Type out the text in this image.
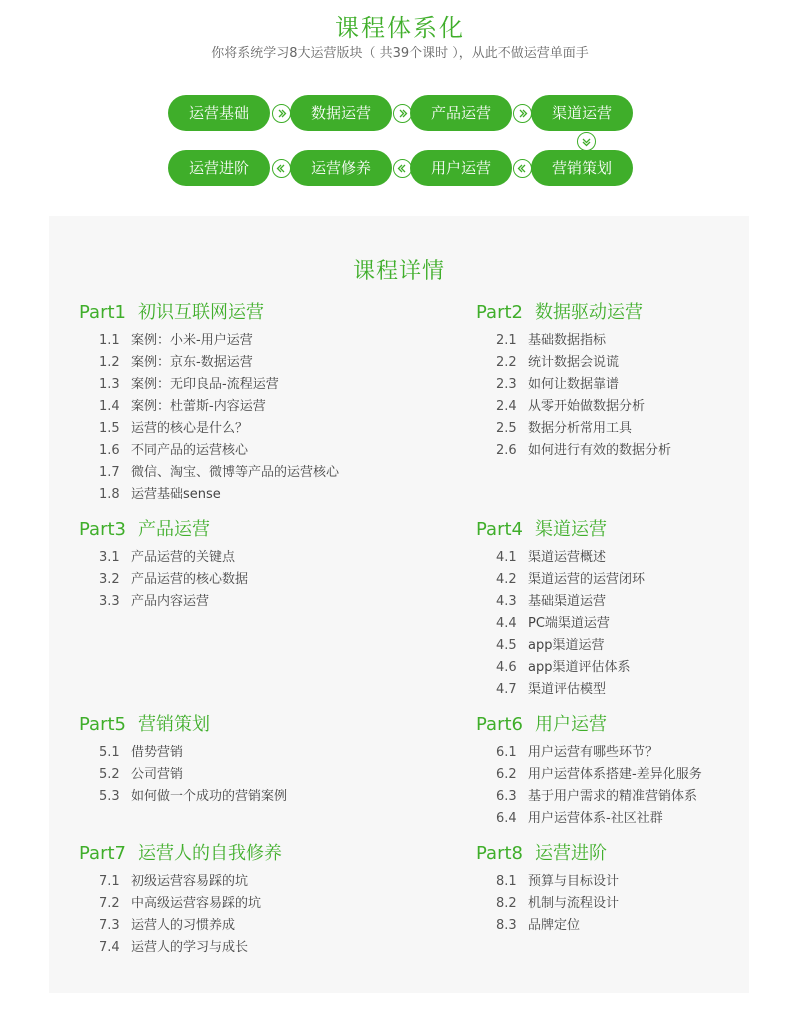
课程体系化
你将系统学习8大运营版块（ 共39个课时 ），从此不做运营单面手
运营基础	数据运营	产品运营	渠道运营
运营进阶	运营修养	用户运营	营销策划
课程详情
Part1 初识互联网运营
1.1 案例：小米-用户运营
1.2 案例：京东-数据运营
1.3 案例：无印良品-流程运营
1.4 案例：杜蕾斯-内容运营
1.5 运营的核心是什么？
1.6 不同产品的运营核心
1.7 微信、淘宝、微博等产品的运营核心
1.8 运营基础sense
Part2 数据驱动运营
2.1 基础数据指标
2.2 统计数据会说谎
2.3 如何让数据靠谱
2.4 从零开始做数据分析
2.5 数据分析常用工具
2.6 如何进行有效的数据分析
Part3 产品运营
3.1 产品运营的关键点
3.2 产品运营的核心数据
3.3 产品内容运营
Part4 渠道运营
4.1 渠道运营概述
4.2 渠道运营的运营闭环
4.3 基础渠道运营
4.4 PC端渠道运营
4.5 app渠道运营
4.6 app渠道评估体系
4.7 渠道评估模型
Part5 营销策划
5.1 借势营销
5.2 公司营销
5.3 如何做一个成功的营销案例
Part6 用户运营
6.1 用户运营有哪些环节？
6.2 用户运营体系搭建-差异化服务
6.3 基于用户需求的精准营销体系
6.4 用户运营体系-社区社群
Part7 运营人的自我修养
7.1 初级运营容易踩的坑
7.2 中高级运营容易踩的坑
7.3 运营人的习惯养成
7.4 运营人的学习与成长
Part8 运营进阶
8.1 预算与目标设计
8.2 机制与流程设计
8.3 品牌定位
